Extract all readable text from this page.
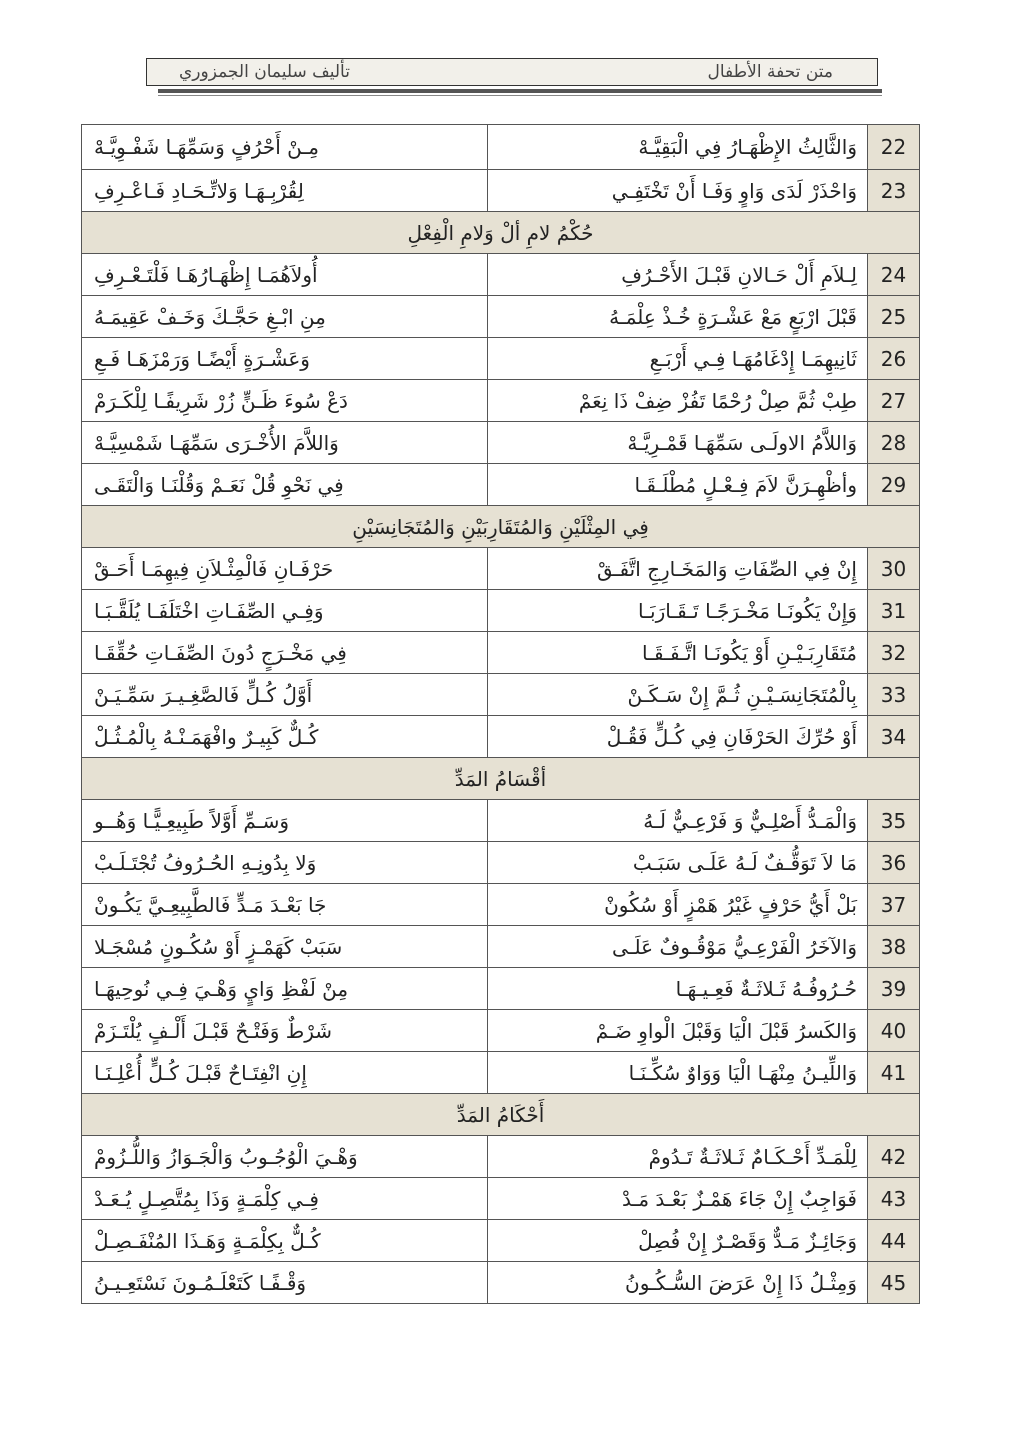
تأليف سليمان الجمزوري	متن تحفة الأطفال
22	وَالثَّالِثُ الإِظْهَـارُ فِي الْبَقِيَّـهْ	مِـنْ أَحْرُفٍ وَسَمِّهَـا شَفْـوِيَّـهْ
23	وَاحْذَرْ لَدَى وَاوٍ وَفَـا أَنْ تَخْتَفِـي	لِقُرْبِـهَـا وَلاتِّـحَـادِ فَـاعْـرِفِ
حُكْمُ لامِ ألْ وَلامِ الْفِعْلِ		
24	لِـلاَمِ أَلْ حَـالانِ قَبْـلَ الأَحْـرُفِ	أُولاَهُمَـا إِظْهَـارُهَـا فَلْتَـعْـرِفِ
25	قَبْلَ ارْبَعٍ مَعْ عَشْـرَةٍ خُـذْ عِلْمَـهُ	مِنِ ابْـغِ حَجَّـكَ وَخَـفْ عَقِيمَـهُ
26	ثَانِيهِمَـا إِدْغَامُهَـا فِـي أَرْبَـعِ	وَعَشْـرَةٍ أَيْضًـا وَرَمْزَهَـا فَـعِ
27	طِبْ ثُمَّ صِلْ رُحْمًا تَفُزْ ضِفْ ذَا نِعَمْ	دَعْ سُوءَ ظَـنٍّ زُرْ شَرِيفًـا لِلْكَـرَمْ
28	وَاللاَّمُ الاولَـى سَمِّهَـا قَمْـرِيَّـهْ	وَاللاَّمَ الأُخْـرَى سَمِّهَـا شَمْسِيَّـهْ
29	وأظْهِـرَنَّ لاَمَ فِـعْـلٍ مُطْلَـقَـا	فِي نَحْوِ قُلْ نَعَـمْ وَقُلْنَـا وَالْتَقَـى
فِي المِثْلَيْنِ وَالمُتَقَارِبَيْنِ وَالمُتَجَانِسَيْنِ		
30	إِنْ فِي الصِّفَاتِ وَالمَخَـارِجِ اتَّفَـقْ	حَرْفَـانِ فَالْمِثْـلاَنِ فِيهِمَـا أَحَـقْ
31	وَإِنْ يَكُونَـا مَخْـرَجًـا تَـقَـارَبَـا	وَفِـي الصِّفَـاتِ اخْتَلَفَـا يُلَقَّـبَـا
32	مُتَقَارِبَـيْـنِ أَوْ يَكُونَـا اتَّـفَـقَـا	فِي مَخْـرَجٍ دُونَ الصِّفَـاتِ حُقِّقَـا
33	بِالْمُتَجَانِسَـيْـنِ ثُـمَّ إِنْ سَـكَـنْ	أَوَّلُ كُـلٍّ فَالصَّغِـيـرَ سَمِّـيَـنْ
34	أَوْ حُرِّكَ الحَرْفَانِ فِي كُـلٍّ فَقُـلْ	كُـلٌّ كَبِيـرٌ وافْهَمَـنْـهُ بِالْمُـثُـلْ
أقْسَامُ المَدِّ		
35	وَالْمَـدُّ أَصْلِـيٌّ وَ فَرْعِـيٌّ لَـهُ	وَسَـمِّ أَوَّلاً طَبِيعِـيًّـا وَهُــو
36	مَا لاَ تَوَقُّـفٌ لَـهُ عَلَـى سَبَـبْ	وَلا بِدُونِـهِ الحُـرُوفُ تُجْتَـلَـبْ
37	بَلْ أَيُّ حَرْفٍ غَيْرُ هَمْزٍ أَوْ سُكُونْ	جَا بَعْـدَ مَـدٍّ فَالطَّبِيعِـيَّ يَكُـونْ
38	وَالآخَرُ الْفَرْعِـيُّ مَوْقُـوفٌ عَلَـى	سَبَبْ كَهَمْـزٍ أَوْ سُكُـونٍ مُسْجَـلا
39	حُـرُوفُـهُ ثَـلاثَـةٌ فَعِـيـهَـا	مِنْ لَفْظِ وَايٍ وَهْـيَ فِـي نُوحِيهَـا
40	وَالكَسرُ قَبْلَ الْيَا وَقَبْلَ الْواوِ ضَـمْ	شَرْطٌ وَفَتْـحٌ قَبْـلَ أَلْـفٍ يُلْتَـزَمْ
41	وَاللِّيـنُ مِنْهَـا الْيَا وَوَاوٌ سُكِّـنَـا	إِنِ انْفِتَـاحٌ قَبْـلَ كُـلٍّ أُعْلِـنَـا
أَحْكَامُ المَدِّ		
42	لِلْمَـدِّ أَحْـكَـامٌ ثَـلاثَـةٌ تَـدُومْ	وَهْـيَ الْوُجُـوبُ وَالْجَـوَازُ وَاللُّـزُومْ
43	فَوَاجِبٌ إِنْ جَاءَ هَمْـزٌ بَعْـدَ مَـدْ	فِـي كِلْمَـةٍ وَذَا بِمُتَّصِـلٍ يُـعَـدْ
44	وَجَائِـزٌ مَـدٌّ وَقَصْـرٌ إِنْ فُصِلْ	كُـلٌّ بِكِلْمَـةٍ وَهَـذَا المُنْفَـصِـلْ
45	وَمِثْـلُ ذَا إِنْ عَرَضَ السُّـكُـونُ	وَقْـفًـا كَتَعْلَـمُـونَ نَسْتَعِـيـنُ
